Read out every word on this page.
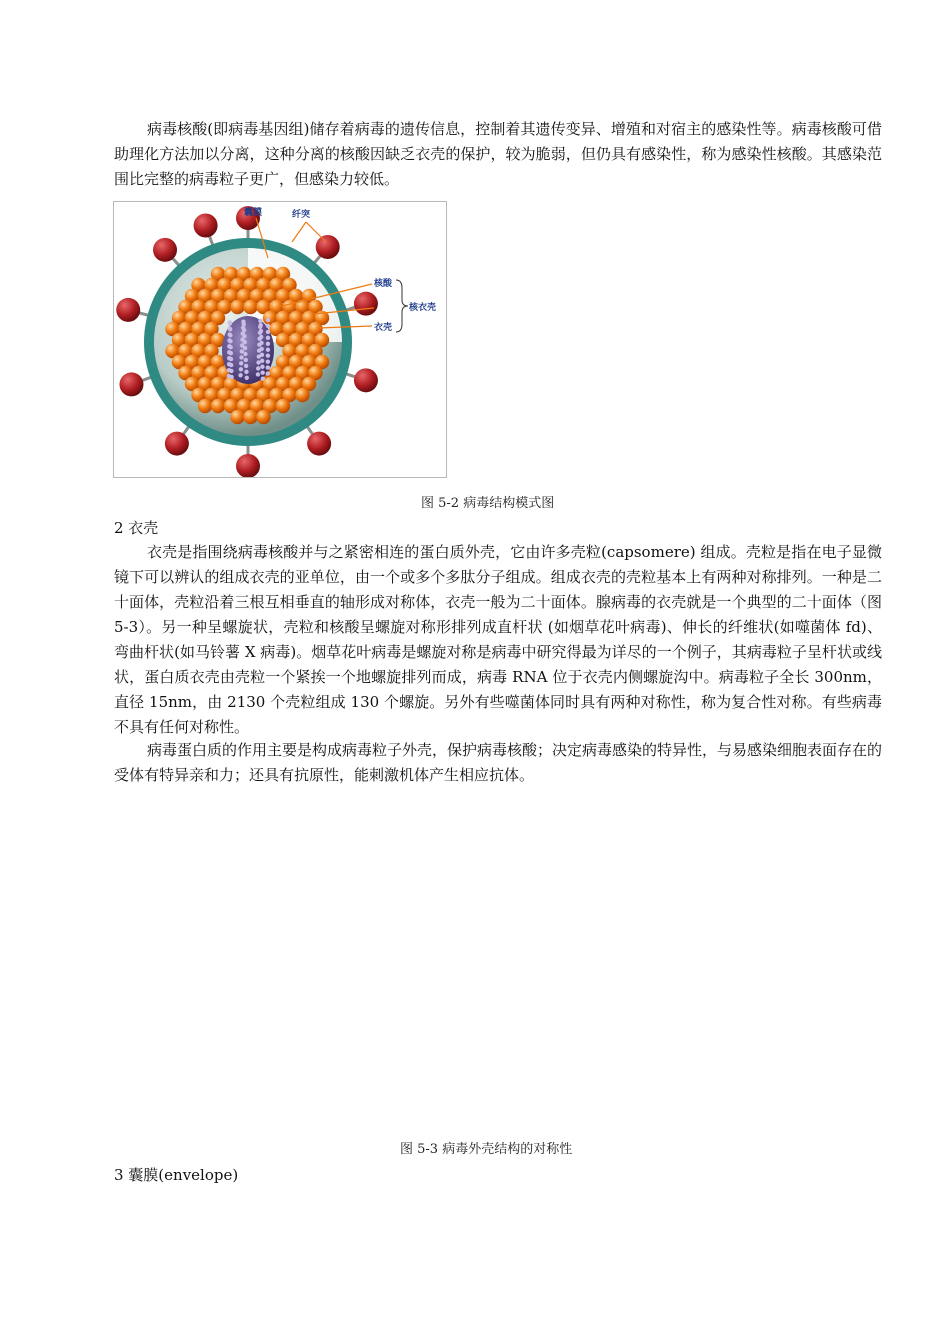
病毒核酸(即病毒基因组)储存着病毒的遗传信息，控制着其遗传变异、增殖和对宿主的感染性等。病毒核酸可借助理化方法加以分离，这种分离的核酸因缺乏衣壳的保护，较为脆弱，但仍具有感染性，称为感染性核酸。其感染范围比完整的病毒粒子更广，但感染力较低。

囊膜	纤突
核酸
核衣壳
衣壳

图 5-2 病毒结构模式图

2 衣壳

衣壳是指围绕病毒核酸并与之紧密相连的蛋白质外壳，它由许多壳粒(capsomere) 组成。壳粒是指在电子显微镜下可以辨认的组成衣壳的亚单位，由一个或多个多肽分子组成。组成衣壳的壳粒基本上有两种对称排列。一种是二十面体，壳粒沿着三根互相垂直的轴形成对称体，衣壳一般为二十面体。腺病毒的衣壳就是一个典型的二十面体（图 5-3）。另一种呈螺旋状，壳粒和核酸呈螺旋对称形排列成直杆状 (如烟草花叶病毒)、伸长的纤维状(如噬菌体 fd)、弯曲杆状(如马铃薯 X 病毒)。烟草花叶病毒是螺旋对称是病毒中研究得最为详尽的一个例子，其病毒粒子呈杆状或线状，蛋白质衣壳由壳粒一个紧挨一个地螺旋排列而成，病毒 RNA 位于衣壳内侧螺旋沟中。病毒粒子全长 300nm，直径 15nm，由 2130 个壳粒组成 130 个螺旋。另外有些噬菌体同时具有两种对称性，称为复合性对称。有些病毒不具有任何对称性。

病毒蛋白质的作用主要是构成病毒粒子外壳，保护病毒核酸；决定病毒感染的特异性，与易感染细胞表面存在的受体有特异亲和力；还具有抗原性，能刺激机体产生相应抗体。

图 5-3 病毒外壳结构的对称性

3 囊膜(envelope)
